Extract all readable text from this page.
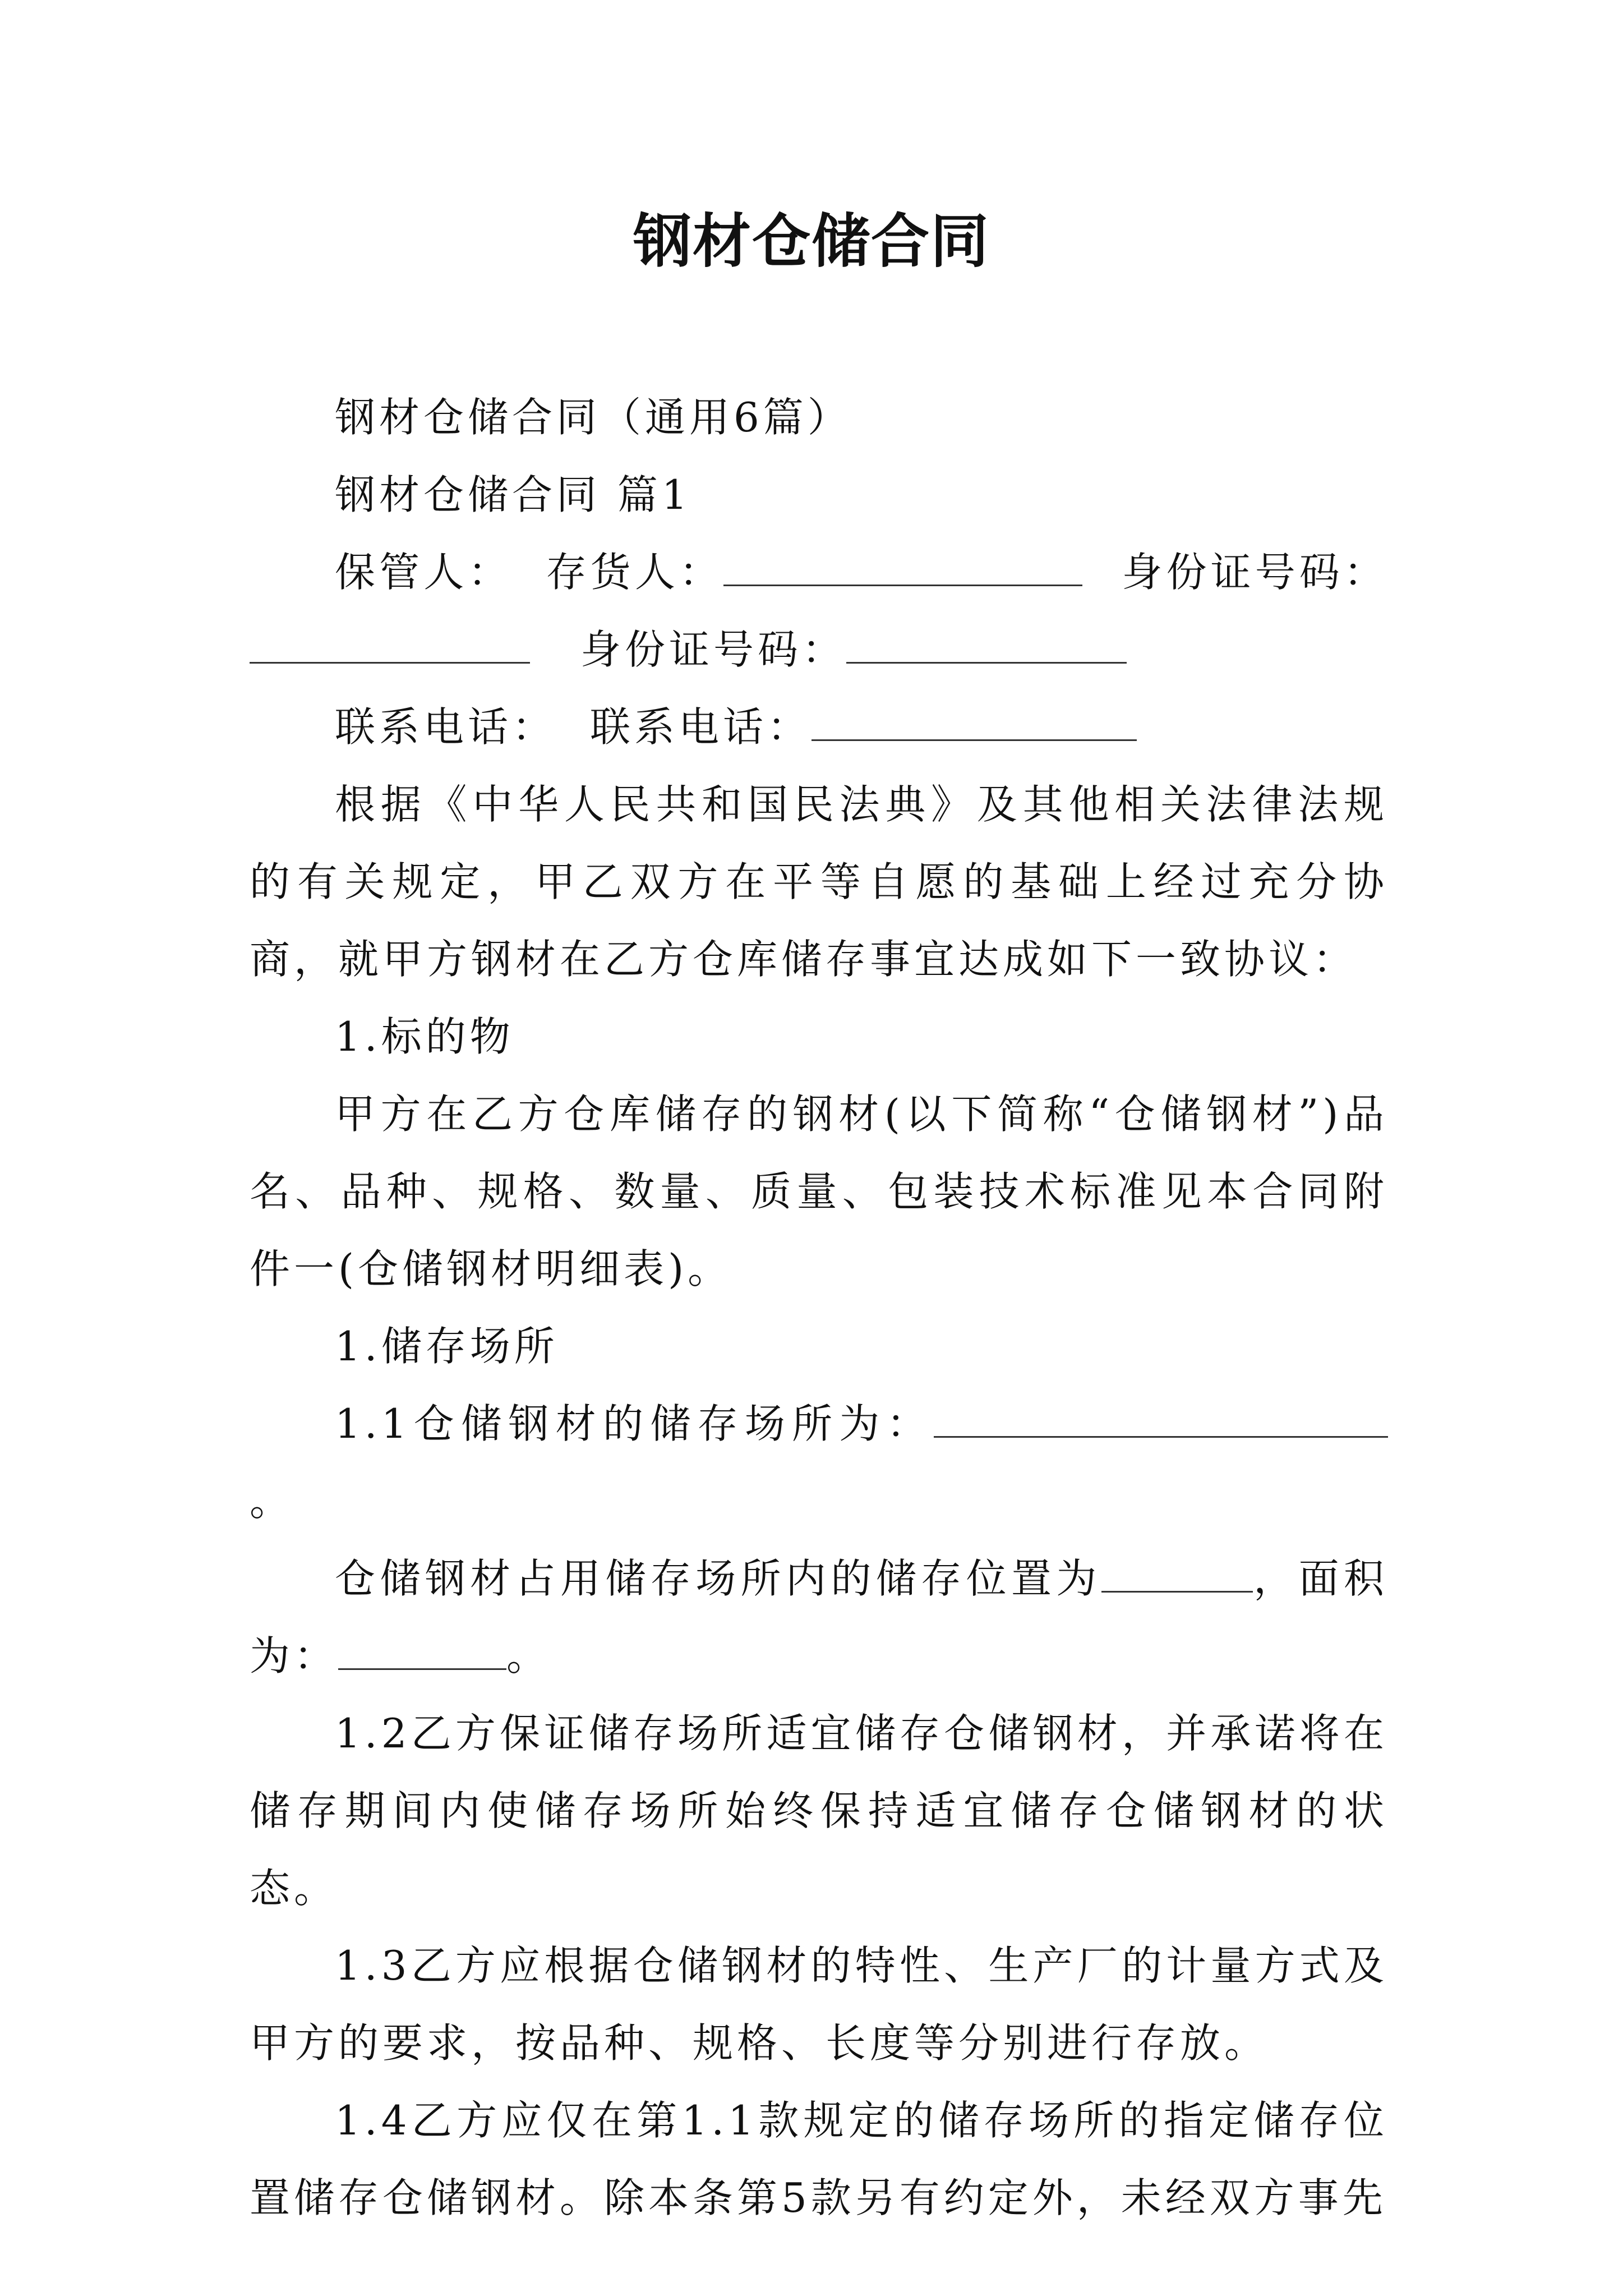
钢材仓储合同

钢材仓储合同（通用6篇）

钢材仓储合同 篇1

保管人： 存货人：	身份证号码：身份证号码：

联系电话： 联系电话：

根据《中华人民共和国民法典》及其他相关法律法规的有关规定，甲乙双方在平等自愿的基础上经过充分协商，就甲方钢材在乙方仓库储存事宜达成如下一致协议：

1.标的物

甲方在乙方仓库储存的钢材(以下简称“仓储钢材”)品名、品种、规格、数量、质量、包装技术标准见本合同附件一(仓储钢材明细表)。

1.储存场所

1.1仓储钢材的储存场所为：。

仓储钢材占用储存场所内的储存位置为	，面积为：	。

1.2乙方保证储存场所适宜储存仓储钢材，并承诺将在储存期间内使储存场所始终保持适宜储存仓储钢材的状态。

1.3乙方应根据仓储钢材的特性、生产厂的计量方式及甲方的要求，按品种、规格、长度等分别进行存放。

1.4乙方应仅在第1.1款规定的储存场所的指定储存位置储存仓储钢材。除本条第5款另有约定外，未经双方事先
